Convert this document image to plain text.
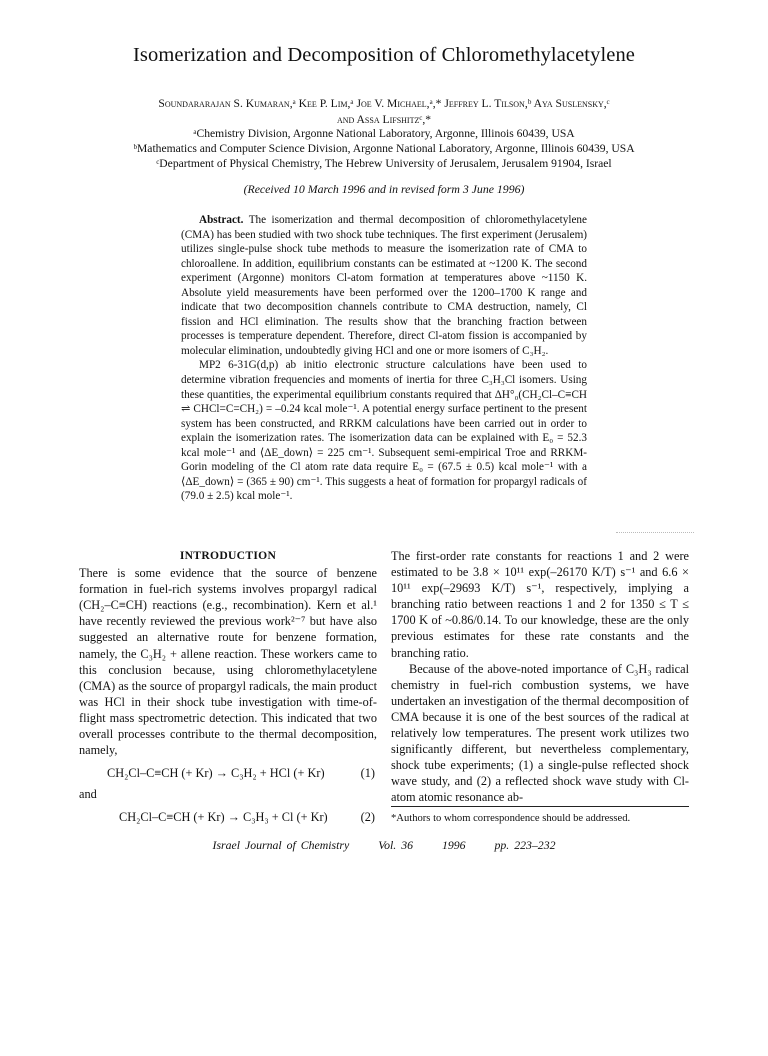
Isomerization and Decomposition of Chloromethylacetylene
Soundararajan S. Kumaran,ᵃ Kee P. Lim,ᵃ Joe V. Michael,ᵃ,* Jeffrey L. Tilson,ᵇ Aya Suslensky,ᶜ
and Assa Lifshitzᶜ,*
ᵃChemistry Division, Argonne National Laboratory, Argonne, Illinois 60439, USA
ᵇMathematics and Computer Science Division, Argonne National Laboratory, Argonne, Illinois 60439, USA
ᶜDepartment of Physical Chemistry, The Hebrew University of Jerusalem, Jerusalem 91904, Israel
(Received 10 March 1996 and in revised form 3 June 1996)

Abstract. The isomerization and thermal decomposition of chloromethylacetylene (CMA) has been studied with two shock tube techniques. The first experiment (Jerusalem) utilizes single-pulse shock tube methods to measure the isomerization rate of CMA to chloroallene. In addition, equilibrium constants can be estimated at ~1200 K. The second experiment (Argonne) monitors Cl-atom formation at temperatures above ~1150 K. Absolute yield measurements have been performed over the 1200–1700 K range and indicate that two decomposition channels contribute to CMA destruction, namely, Cl fission and HCl elimination. The results show that the branching fraction between processes is temperature dependent. Therefore, direct Cl-atom fission is accompanied by molecular elimination, undoubtedly giving HCl and one or more isomers of C₃H₂.

MP2 6-31G(d,p) ab initio electronic structure calculations have been used to determine vibration frequencies and moments of inertia for three C₃H₃Cl isomers. Using these quantities, the experimental equilibrium constants required that ΔH°₀(CH₂Cl–C≡CH ⇌ CHCl=C=CH₂) = –0.24 kcal mole⁻¹. A potential energy surface pertinent to the present system has been constructed, and RRKM calculations have been carried out in order to explain the isomerization rates. The isomerization data can be explained with E₀ = 52.3 kcal mole⁻¹ and ⟨ΔE_down⟩ = 225 cm⁻¹. Subsequent semi-empirical Troe and RRKM-Gorin modeling of the Cl atom rate data require E₀ = (67.5 ± 0.5) kcal mole⁻¹ with a ⟨ΔE_down⟩ = (365 ± 90) cm⁻¹. This suggests a heat of formation for propargyl radicals of (79.0 ± 2.5) kcal mole⁻¹.

INTRODUCTION

There is some evidence that the source of benzene formation in fuel-rich systems involves propargyl radical (CH₂–C≡CH) reactions (e.g., recombination). Kern et al.¹ have recently reviewed the previous work²⁻⁷ but have also suggested an alternative route for benzene formation, namely, the C₃H₂ + allene reaction. These workers came to this conclusion because, using chloromethylacetylene (CMA) as the source of propargyl radicals, the main product was HCl in their shock tube investigation with time-of-flight mass spectrometric detection. This indicated that two overall processes contribute to the thermal decomposition, namely,

CH₂Cl–C≡CH (+ Kr) → C₃H₂ + HCl (+ Kr)	(1)
and
CH₂Cl–C≡CH (+ Kr) → C₃H₃ + Cl (+ Kr)	(2)

The first-order rate constants for reactions 1 and 2 were estimated to be 3.8 × 10¹¹ exp(–26170 K/T) s⁻¹ and 6.6 × 10¹¹ exp(–29693 K/T) s⁻¹, respectively, implying a branching ratio between reactions 1 and 2 for 1350 ≤ T ≤ 1700 K of ~0.86/0.14. To our knowledge, these are the only previous estimates for these rate constants and the branching ratio.

Because of the above-noted importance of C₃H₃ radical chemistry in fuel-rich combustion systems, we have undertaken an investigation of the thermal decomposition of CMA because it is one of the best sources of the radical at relatively low temperatures. The present work utilizes two significantly different, but nevertheless complementary, shock tube experiments; (1) a single-pulse reflected shock wave study, and (2) a reflected shock wave study with Cl-atom atomic resonance ab-

*Authors to whom correspondence should be addressed.
Israel Journal of Chemistry Vol. 36 1996 pp. 223–232
